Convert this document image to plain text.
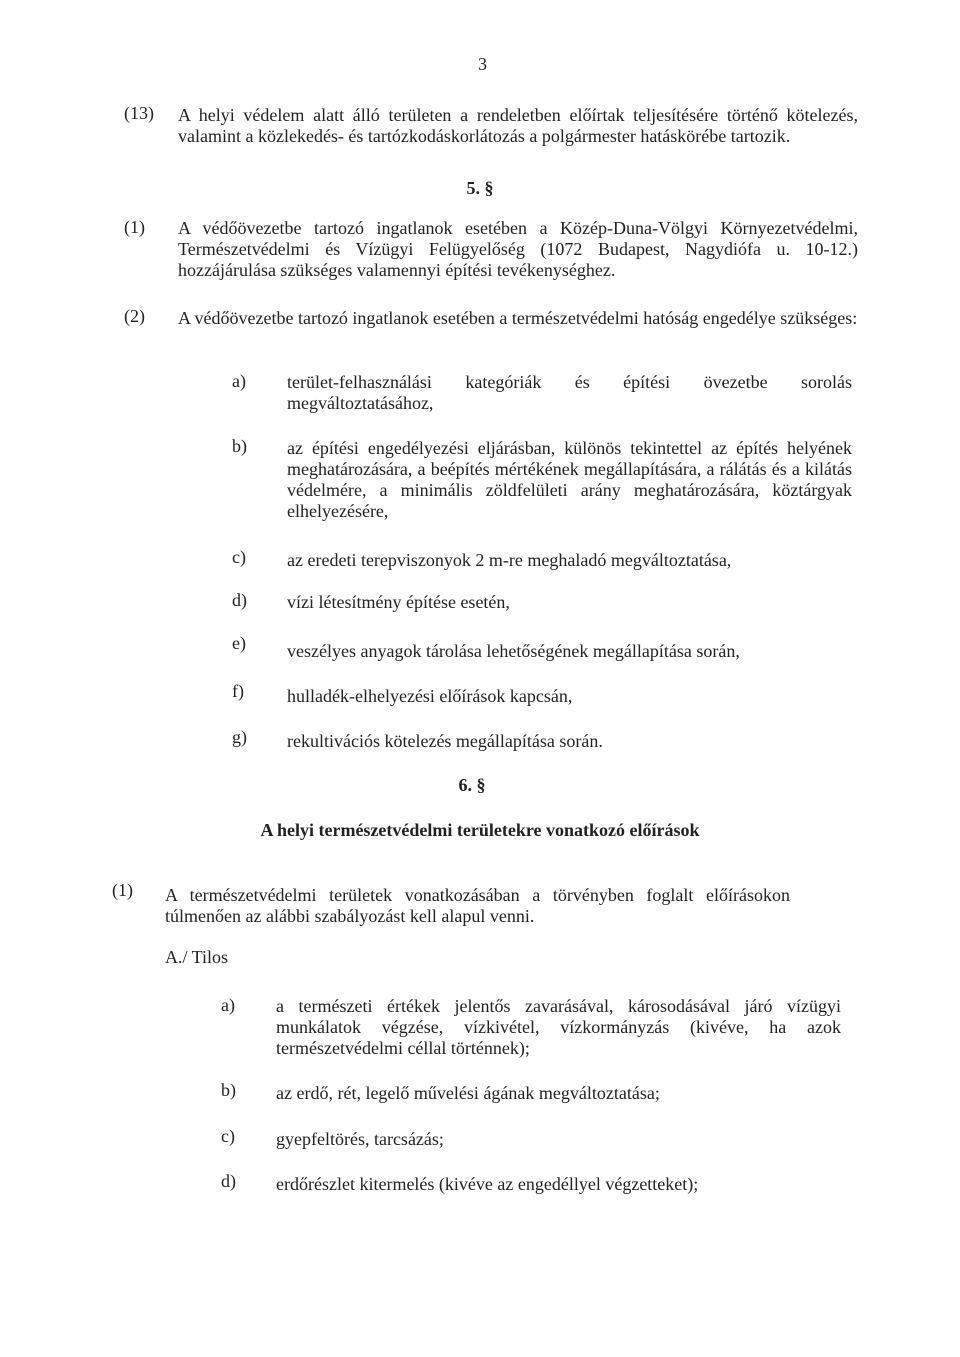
3
(13) A helyi védelem alatt álló területen a rendeletben előírtak teljesítésére történő kötelezés, valamint a közlekedés- és tartózkodáskorlátozás a polgármester hatáskörébe tartozik.
5. §
(1) A védőövezetbe tartozó ingatlanok esetében a Közép-Duna-Völgyi Környezetvédelmi, Természetvédelmi és Vízügyi Felügyelőség (1072 Budapest, Nagydiófa u. 10-12.) hozzájárulása szükséges valamennyi építési tevékenységhez.
(2) A védőövezetbe tartozó ingatlanok esetében a természetvédelmi hatóság engedélye szükséges:
a) terület-felhasználási kategóriák és építési övezetbe sorolás megváltoztatásához,
b) az építési engedélyezési eljárásban, különös tekintettel az építés helyének meghatározására, a beépítés mértékének megállapítására, a rálátás és a kilátás védelmére, a minimális zöldfelületi arány meghatározására, köztárgyak elhelyezésére,
c) az eredeti terepviszonyok 2 m-re meghaladó megváltoztatása,
d) vízi létesítmény építése esetén,
e) veszélyes anyagok tárolása lehetőségének megállapítása során,
f) hulladék-elhelyezési előírások kapcsán,
g) rekultivációs kötelezés megállapítása során.
6. §
A helyi természetvédelmi területekre vonatkozó előírások
(1) A természetvédelmi területek vonatkozásában a törvényben foglalt előírásokon túlmenően az alábbi szabályozást kell alapul venni.
A./ Tilos
a) a természeti értékek jelentős zavarásával, károsodásával járó vízügyi munkálatok végzése, vízkivétel, vízkormányzás (kivéve, ha azok természetvédelmi céllal történnek);
b) az erdő, rét, legelő művelési ágának megváltoztatása;
c) gyepfeltörés, tarcsázás;
d) erdőrészlet kitermelés (kivéve az engedéllyel végzetteket);
